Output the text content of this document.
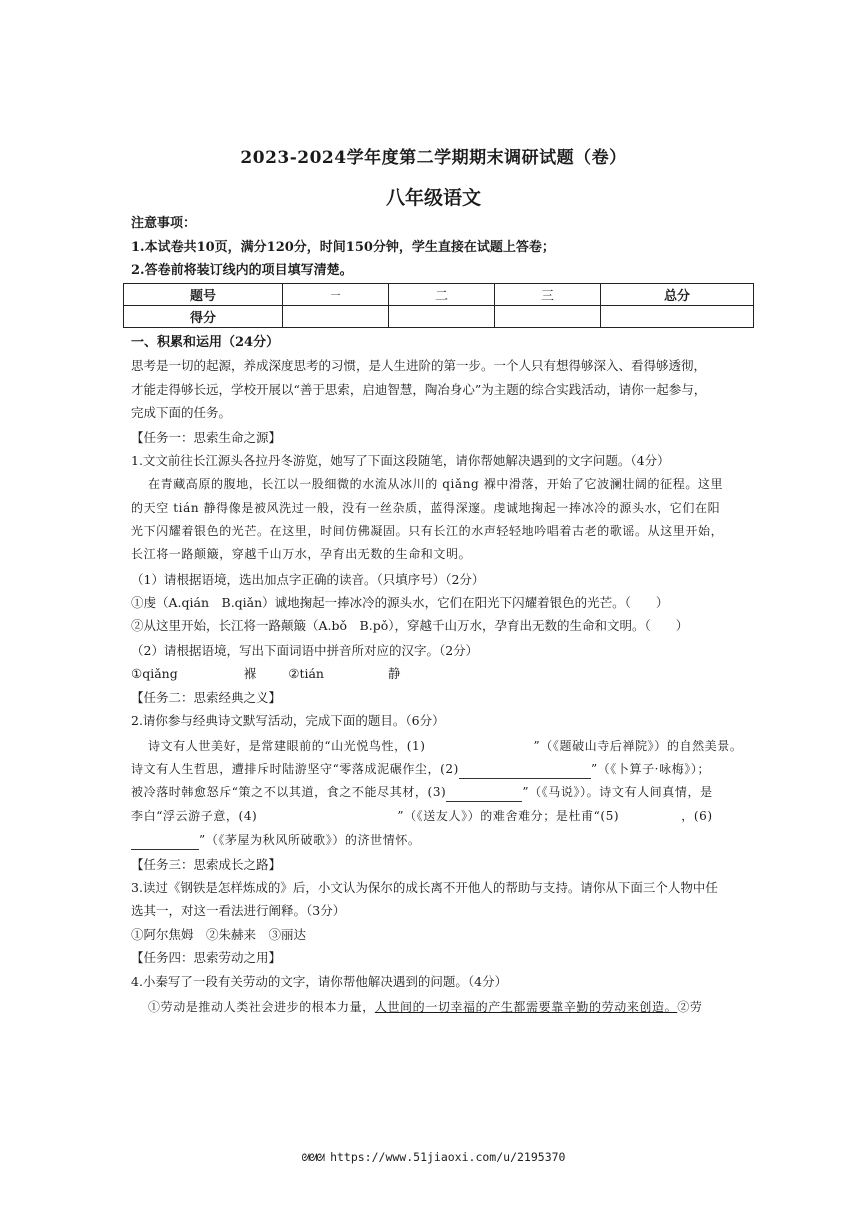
2023-2024学年度第二学期期末调研试题（卷）
八年级语文
注意事项：
1.本试卷共10页，满分120分，时间150分钟，学生直接在试题上答卷；
2.答卷前将装订线内的项目填写清楚。
题号	一	二	三	总分
得分				
一、积累和运用（24分）
思考是一切的起源，养成深度思考的习惯，是人生进阶的第一步。一个人只有想得够深入、看得够透彻，
才能走得够长远，学校开展以“善于思索，启迪智慧，陶冶身心”为主题的综合实践活动，请你一起参与，
完成下面的任务。
【任务一：思索生命之源】
1.文文前往长江源头各拉丹冬游览，她写了下面这段随笔，请你帮她解决遇到的文字问题。（4分）
在青藏高原的腹地，长江以一股细微的水流从冰川的 qiǎng 褓中滑落，开始了它波澜壮阔的征程。这里
的天空 tián 静得像是被风洗过一般，没有一丝杂质，蓝得深邃。虔诚地掬起一捧冰冷的源头水，它们在阳
光下闪耀着银色的光芒。在这里，时间仿佛凝固。只有长江的水声轻轻地吟唱着古老的歌谣。从这里开始，
长江将一路颠簸，穿越千山万水，孕育出无数的生命和文明。
（1）请根据语境，选出加点字正确的读音。（只填序号）（2分）
①虔（A.qián　B.qiǎn）诚地掬起一捧冰冷的源头水，它们在阳光下闪耀着银色的光芒。（　　）
②从这里开始，长江将一路颠簸（A.bǒ　B.pǒ），穿越千山万水，孕育出无数的生命和文明。（　　）
（2）请根据语境，写出下面词语中拼音所对应的汉字。（2分）
①qiǎng	褓	②tián	静
【任务二：思索经典之义】
2.请你参与经典诗文默写活动，完成下面的题目。（6分）
诗文有人世美好，是常建眼前的“山光悦鸟性，(1)	”（《题破山寺后禅院》）的自然美景。
诗文有人生哲思，遭排斥时陆游坚守“零落成泥碾作尘，(2)	”（《卜算子·咏梅》）；
被冷落时韩愈怒斥“策之不以其道，食之不能尽其材，(3)	”（《马说》）。诗文有人间真情，是
李白“浮云游子意，(4)	”（《送友人》）的难舍难分；是杜甫“(5)	，(6)
”（《茅屋为秋风所破歌》）的济世情怀。
【任务三：思索成长之路】
3.读过《钢铁是怎样炼成的》后，小文认为保尔的成长离不开他人的帮助与支持。请你从下面三个人物中任
选其一，对这一看法进行阐释。（3分）
①阿尔焦姆　②朱赫来　③丽达
【任务四：思索劳动之用】
4.小秦写了一段有关劳动的文字，请你帮他解决遇到的问题。（4分）
①劳动是推动人类社会进步的根本力量，人世间的一切幸福的产生都需要靠辛勤的劳动来创造。②劳
ᘛᘛᘛ https://www.51jiaoxi.com/u/2195370
